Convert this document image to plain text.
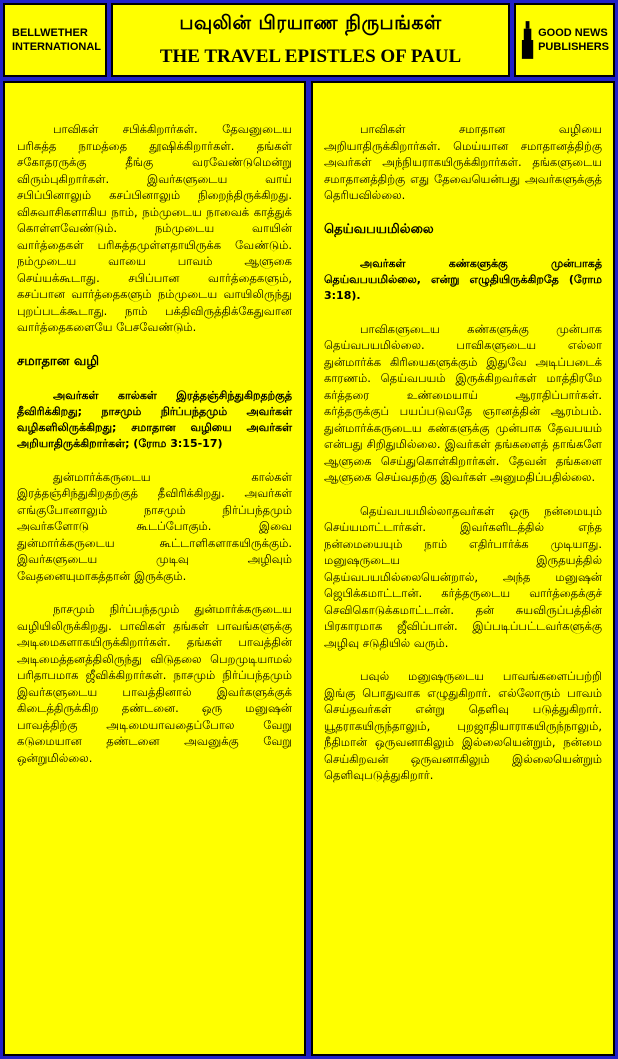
BELLWETHER
INTERNATIONAL
பவுலின் பிரயாண நிருபங்கள்
THE TRAVEL EPISTLES OF PAUL
GOOD NEWS
PUBLISHERS

பாவிகள் சபிக்கிறார்கள். தேவனுடைய பரிசுத்த நாமத்தை தூஷிக்கிறார்கள். தங்கள் சகோதரருக்கு தீங்கு வரவேண்டுமென்று விரும்புகிறார்கள். இவர்களுடைய வாய் சபிப்பினாலும் கசப்பினாலும் நிறைந்திருக்கிறது. விசுவாசிகளாகிய நாம், நம்முடைய நாவைக் காத்துக் கொள்ளவேண்டும். நம்முடைய வாயின் வார்த்தைகள் பரிசுத்தமுள்ளதாயிருக்க வேண்டும். நம்முடைய வாயை பாவம் ஆளுகை செய்யக்கூடாது. சபிப்பான வார்த்தைகளும், கசப்பான வார்த்தைகளும் நம்முடைய வாயிலிருந்து புறப்படக்கூடாது. நாம் பக்திவிருத்திக்கேதுவான வார்த்தைகளையே பேசவேண்டும்.

சமாதான வழி

அவர்கள் கால்கள் இரத்தஞ்சிந்துகிறதற்குத் தீவிரிக்கிறது; நாசமும் நிர்ப்பந்தமும் அவர்கள் வழிகளிலிருக்கிறது; சமாதான வழியை அவர்கள் அறியாதிருக்கிறார்கள்; (ரோம 3:15-17)

துன்மார்க்கருடைய கால்கள் இரத்தஞ்சிந்துகிறதற்குத் தீவிரிக்கிறது. அவர்கள் எங்குபோனாலும் நாசமும் நிர்ப்பந்தமும் அவர்களோடு கூடப்போகும். இவை துன்மார்க்கருடைய கூட்டாளிகளாகயிருக்கும். இவர்களுடைய முடிவு அழிவும் வேதனையுமாகத்தான் இருக்கும்.

நாசமும் நிர்ப்பந்தமும் துன்மார்க்கருடைய வழியிலிருக்கிறது. பாவிகள் தங்கள் பாவங்களுக்கு அடிமைகளாகயிருக்கிறார்கள். தங்கள் பாவத்தின் அடிமைத்தனத்திலிருந்து விடுதலை பெறமுடியாமல் பரிதாபமாக ஜீவிக்கிறார்கள். நாசமும் நிர்ப்பந்தமும் இவர்களுடைய பாவத்தினால் இவர்களுக்குக் கிடைத்திருக்கிற தண்டனை. ஒரு மனுஷன் பாவத்திற்கு அடிமையாவதைப்போல வேறு கடுமையான தண்டனை அவனுக்கு வேறு ஒன்றுமில்லை.

பாவிகள் சமாதான வழியை அறியாதிருக்கிறார்கள். மெய்யான சமாதானத்திற்கு அவர்கள் அந்நியராகயிருக்கிறார்கள். தங்களுடைய சமாதானத்திற்கு எது தேவையென்பது அவர்களுக்குத் தெரியவில்லை.

தெய்வபயமில்லை

அவர்கள் கண்களுக்கு முன்பாகத் தெய்வபயமில்லை, என்று எழுதியிருக்கிறதே (ரோம 3:18).

பாவிகளுடைய கண்களுக்கு முன்பாக தெய்வபயமில்லை. பாவிகளுடைய எல்லா துன்மார்க்க கிரியைகளுக்கும் இதுவே அடிப்படைக் காரணம். தெய்வபயம் இருக்கிறவர்கள் மாத்திரமே கர்த்தரை உண்மையாய் ஆராதிப்பார்கள். கர்த்தருக்குப் பயப்படுவதே ஞானத்தின் ஆரம்பம். துன்மார்க்கருடைய கண்களுக்கு முன்பாக தேவபயம் என்பது சிறிதுமில்லை. இவர்கள் தங்களைத் தாங்களே ஆளுகை செய்துகொள்கிறார்கள். தேவன் தங்களை ஆளுகை செய்வதற்கு இவர்கள் அனுமதிப்பதில்லை.

தெய்வபயமில்லாதவர்கள் ஒரு நன்மையும் செய்யமாட்டார்கள். இவர்களிடத்தில் எந்த நன்மையையும் நாம் எதிர்பார்க்க முடியாது. மனுஷருடைய இருதயத்தில் தெய்வபயமில்லையென்றால், அந்த மனுஷன் ஜெபிக்கமாட்டான். கர்த்தருடைய வார்த்தைக்குச் செவிகொடுக்கமாட்டான். தன் சுயவிருப்பத்தின் பிரகாரமாக ஜீவிப்பான். இப்படிப்பட்டவர்களுக்கு அழிவு சடுதியில் வரும்.

பவுல் மனுஷருடைய பாவங்களைப்பற்றி இங்கு பொதுவாக எழுதுகிறார். எல்லோரும் பாவம் செய்தவர்கள் என்று தெளிவு படுத்துகிறார். யூதராகயிருந்தாலும், புறஜாதியாராகயிருந்நாலும், நீதிமான் ஒருவனாகிலும் இல்லையென்றும், நன்மை செய்கிறவன் ஒருவனாகிலும் இல்லையென்றும் தெளிவுபடுத்துகிறார்.
